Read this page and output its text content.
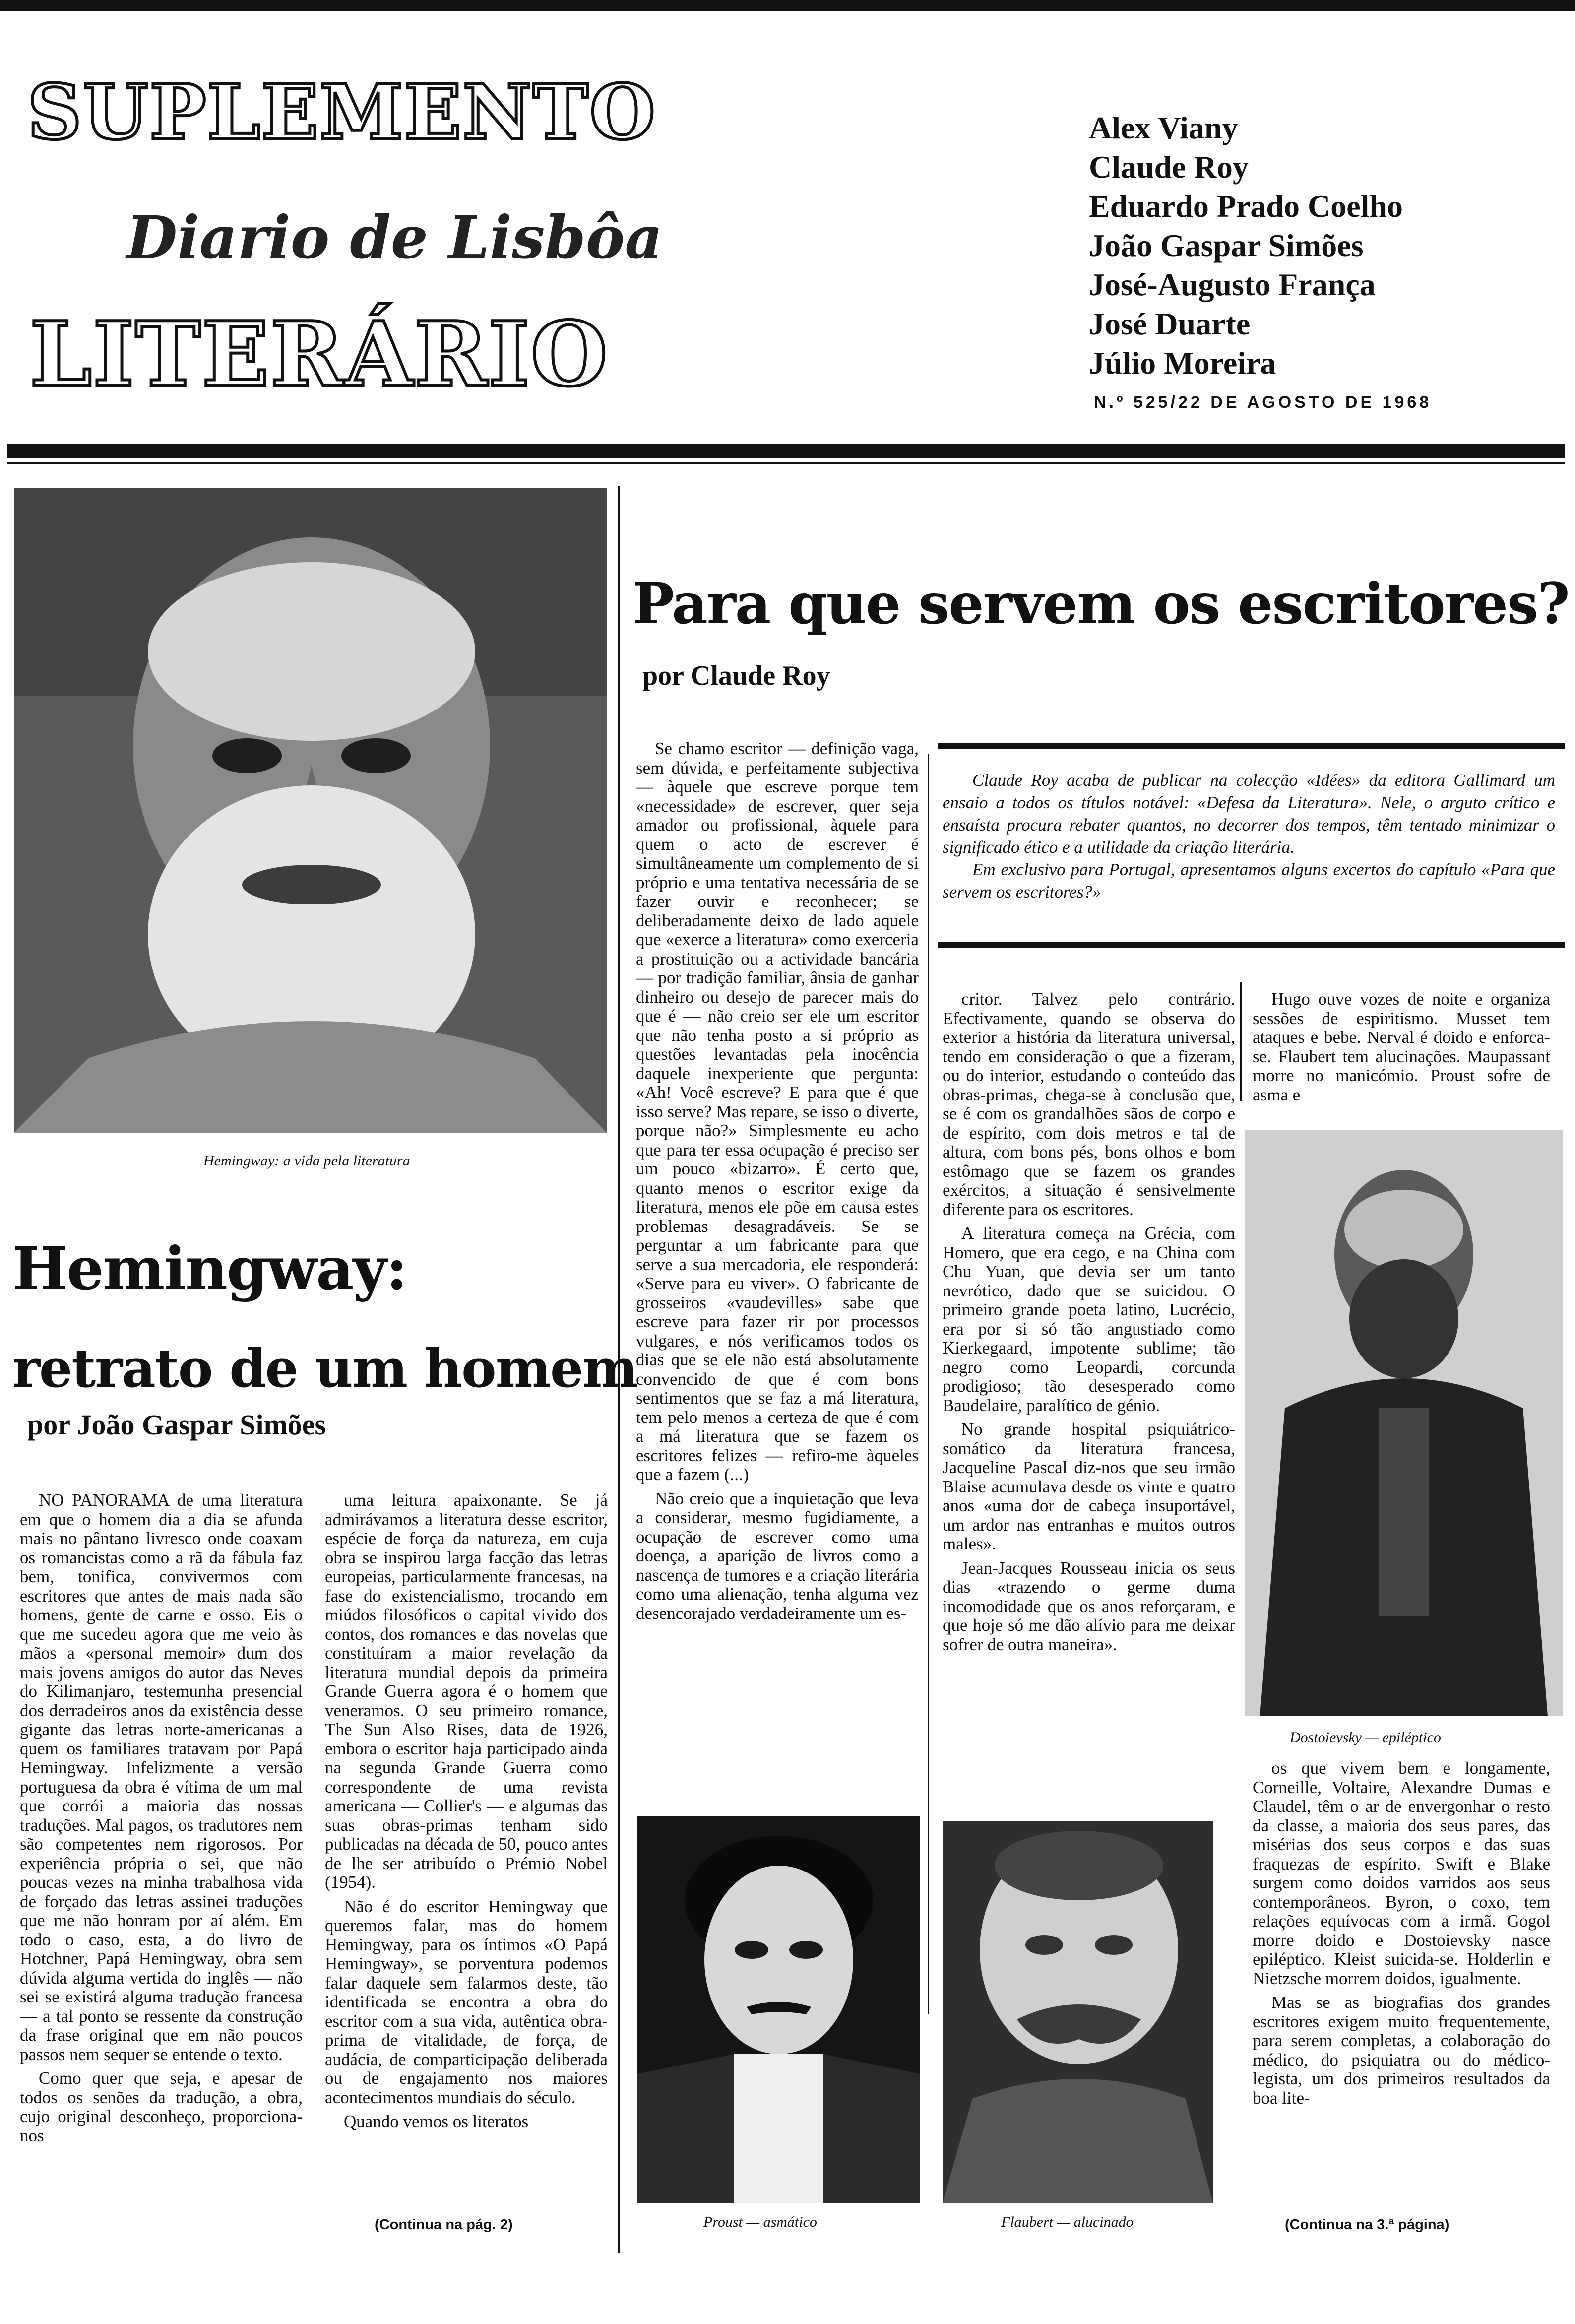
SUPLEMENTO
Diario de Lisbôa
LITERÁRIO
Alex Viany
Claude Roy
Eduardo Prado Coelho
João Gaspar Simões
José-Augusto França
José Duarte
Júlio Moreira
N.º 525/22 DE AGOSTO DE 1968
Hemingway: a vida pela literatura
Hemingway:
retrato de um homem
por João Gaspar Simões

NO PANORAMA de uma literatura em que o homem dia a dia se afunda mais no pântano livresco onde coaxam os romancistas como a rã da fábula faz bem, tonifica, convivermos com escritores que antes de mais nada são homens, gente de carne e osso. Eis o que me sucedeu agora que me veio às mãos a «personal memoir» dum dos mais jovens amigos do autor das Neves do Kilimanjaro, testemunha presencial dos derradeiros anos da existência desse gigante das letras norte-americanas a quem os familiares tratavam por Papá Hemingway. Infelizmente a versão portuguesa da obra é vítima de um mal que corrói a maioria das nossas traduções. Mal pagos, os tradutores nem são competentes nem rigorosos. Por experiência própria o sei, que não poucas vezes na minha trabalhosa vida de forçado das letras assinei traduções que me não honram por aí além. Em todo o caso, esta, a do livro de Hotchner, Papá Hemingway, obra sem dúvida alguma vertida do inglês — não sei se existirá alguma tradução francesa — a tal ponto se ressente da construção da frase original que em não poucos passos nem sequer se entende o texto.

Como quer que seja, e apesar de todos os senões da tradução, a obra, cujo original desconheço, proporciona-nos

uma leitura apaixonante. Se já admirávamos a literatura desse escritor, espécie de força da natureza, em cuja obra se inspirou larga facção das letras europeias, particularmente francesas, na fase do existencialismo, trocando em miúdos filosóficos o capital vivido dos contos, dos romances e das novelas que constituíram a maior revelação da literatura mundial depois da primeira Grande Guerra agora é o homem que veneramos. O seu primeiro romance, The Sun Also Rises, data de 1926, embora o escritor haja participado ainda na segunda Grande Guerra como correspondente de uma revista americana — Collier's — e algumas das suas obras-primas tenham sido publicadas na década de 50, pouco antes de lhe ser atribuído o Prémio Nobel (1954).

Não é do escritor Hemingway que queremos falar, mas do homem Hemingway, para os íntimos «O Papá Hemingway», se porventura podemos falar daquele sem falarmos deste, tão identificada se encontra a obra do escritor com a sua vida, autêntica obra-prima de vitalidade, de força, de audácia, de comparticipação deliberada ou de engajamento nos maiores acontecimentos mundiais do século.

Quando vemos os literatos

(Continua na pág. 2)
Para que servem os escritores?
por Claude Roy

Se chamo escritor — definição vaga, sem dúvida, e perfeitamente subjectiva — àquele que escreve porque tem «necessidade» de escrever, quer seja amador ou profissional, àquele para quem o acto de escrever é simultâneamente um complemento de si próprio e uma tentativa necessária de se fazer ouvir e reconhecer; se deliberadamente deixo de lado aquele que «exerce a literatura» como exerceria a prostituição ou a actividade bancária — por tradição familiar, ânsia de ganhar dinheiro ou desejo de parecer mais do que é — não creio ser ele um escritor que não tenha posto a si próprio as questões levantadas pela inocência daquele inexperiente que pergunta: «Ah! Você escreve? E para que é que isso serve? Mas repare, se isso o diverte, porque não?» Simplesmente eu acho que para ter essa ocupação é preciso ser um pouco «bizarro». É certo que, quanto menos o escritor exige da literatura, menos ele põe em causa estes problemas desagradáveis. Se se perguntar a um fabricante para que serve a sua mercadoria, ele responderá: «Serve para eu viver». O fabricante de grosseiros «vaudevilles» sabe que escreve para fazer rir por processos vulgares, e nós verificamos todos os dias que se ele não está absolutamente convencido de que é com bons sentimentos que se faz a má literatura, tem pelo menos a certeza de que é com a má literatura que se fazem os escritores felizes — refiro-me àqueles que a fazem (...)

Não creio que a inquietação que leva a considerar, mesmo fugidiamente, a ocupação de escrever como uma doença, a aparição de livros como a nascença de tumores e a criação literária como uma alienação, tenha alguma vez desencorajado verdadeiramente um es-

Claude Roy acaba de publicar na colecção «Idées» da editora Gallimard um ensaio a todos os títulos notável: «Defesa da Literatura». Nele, o arguto crítico e ensaísta procura rebater quantos, no decorrer dos tempos, têm tentado minimizar o significado ético e a utilidade da criação literária.

Em exclusivo para Portugal, apresentamos alguns excertos do capítulo «Para que servem os escritores?»

critor. Talvez pelo contrário. Efectivamente, quando se observa do exterior a história da literatura universal, tendo em consideração o que a fizeram, ou do interior, estudando o conteúdo das obras-primas, chega-se à conclusão que, se é com os grandalhões sãos de corpo e de espírito, com dois metros e tal de altura, com bons pés, bons olhos e bom estômago que se fazem os grandes exércitos, a situação é sensivelmente diferente para os escritores.

A literatura começa na Grécia, com Homero, que era cego, e na China com Chu Yuan, que devia ser um tanto nevrótico, dado que se suicidou. O primeiro grande poeta latino, Lucrécio, era por si só tão angustiado como Kierkegaard, impotente sublime; tão negro como Leopardi, corcunda prodigioso; tão desesperado como Baudelaire, paralítico de génio.

No grande hospital psiquiátrico-somático da literatura francesa, Jacqueline Pascal diz-nos que seu irmão Blaise acumulava desde os vinte e quatro anos «uma dor de cabeça insuportável, um ardor nas entranhas e muitos outros males».

Jean-Jacques Rousseau inicia os seus dias «trazendo o germe duma incomodidade que os anos reforçaram, e que hoje só me dão alívio para me deixar sofrer de outra maneira».

Hugo ouve vozes de noite e organiza sessões de espiritismo. Musset tem ataques e bebe. Nerval é doido e enforca-se. Flaubert tem alucinações. Maupassant morre no manicómio. Proust sofre de asma e

Dostoievsky — epiléptico

os que vivem bem e longamente, Corneille, Voltaire, Alexandre Dumas e Claudel, têm o ar de envergonhar o resto da classe, a maioria dos seus pares, das misérias dos seus corpos e das suas fraquezas de espírito. Swift e Blake surgem como doidos varridos aos seus contemporâneos. Byron, o coxo, tem relações equívocas com a irmã. Gogol morre doido e Dostoievsky nasce epiléptico. Kleist suicida-se. Holderlin e Nietzsche morrem doidos, igualmente.

Mas se as biografias dos grandes escritores exigem muito frequentemente, para serem completas, a colaboração do médico, do psiquiatra ou do médico-legista, um dos primeiros resultados da boa lite-

Proust — asmático	Flaubert — alucinado	(Continua na 3.ª página)
